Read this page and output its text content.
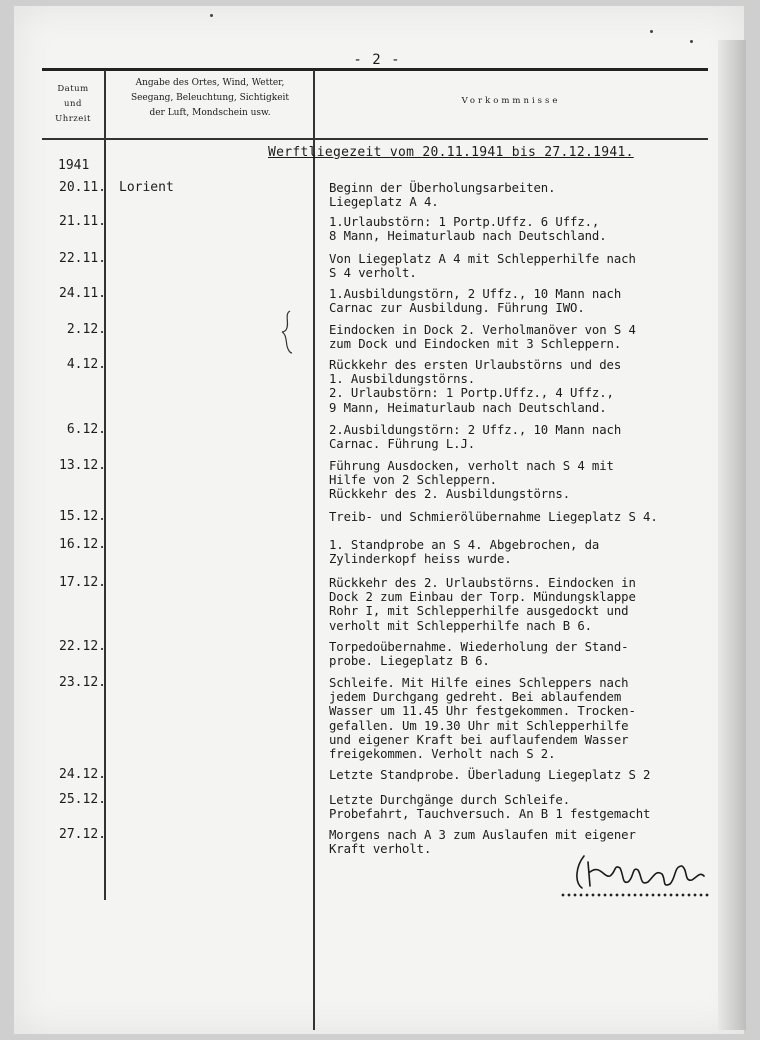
- 2 -
Datum
und
Uhrzeit
Angabe des Ortes, Wind, Wetter,
Seegang, Beleuchtung, Sichtigkeit
der Luft, Mondschein usw.
Vorkommnisse
Werftliegezeit vom 20.11.1941 bis 27.12.1941.
1941
20.11. Lorient	Beginn der Überholungsarbeiten.
Liegeplatz A 4.
21.11.	1.Urlaubstörn: 1 Portp.Uffz. 6 Uffz.,
8 Mann, Heimaturlaub nach Deutschland.
22.11.	Von Liegeplatz A 4 mit Schlepperhilfe nach
S 4 verholt.
24.11.	1.Ausbildungstörn, 2 Uffz., 10 Mann nach
Carnac zur Ausbildung. Führung IWO.
2.12.	Eindocken in Dock 2. Verholmanöver von S 4
zum Dock und Eindocken mit 3 Schleppern.
4.12.	Rückkehr des ersten Urlaubstörns und des
1. Ausbildungstörns.
2. Urlaubstörn: 1 Portp.Uffz., 4 Uffz.,
9 Mann, Heimaturlaub nach Deutschland.
6.12.	2.Ausbildungstörn: 2 Uffz., 10 Mann nach
Carnac. Führung L.J.
13.12.	Führung Ausdocken, verholt nach S 4 mit
Hilfe von 2 Schleppern.
Rückkehr des 2. Ausbildungstörns.
15.12.	Treib- und Schmierölübernahme Liegeplatz S 4.
16.12.	1. Standprobe an S 4. Abgebrochen, da
Zylinderkopf heiss wurde.
17.12.	Rückkehr des 2. Urlaubstörns. Eindocken in
Dock 2 zum Einbau der Torp. Mündungsklappe
Rohr I, mit Schlepperhilfe ausgedockt und
verholt mit Schlepperhilfe nach B 6.
22.12.	Torpedoübernahme. Wiederholung der Stand-
probe. Liegeplatz B 6.
23.12.	Schleife. Mit Hilfe eines Schleppers nach
jedem Durchgang gedreht. Bei ablaufendem
Wasser um 11.45 Uhr festgekommen. Trocken-
gefallen. Um 19.30 Uhr mit Schlepperhilfe
und eigener Kraft bei auflaufendem Wasser
freigekommen. Verholt nach S 2.
24.12.	Letzte Standprobe. Überladung Liegeplatz S 2
25.12.	Letzte Durchgänge durch Schleife.
Probefahrt, Tauchversuch. An B 1 festgemacht
27.12.	Morgens nach A 3 zum Auslaufen mit eigener
Kraft verholt.
